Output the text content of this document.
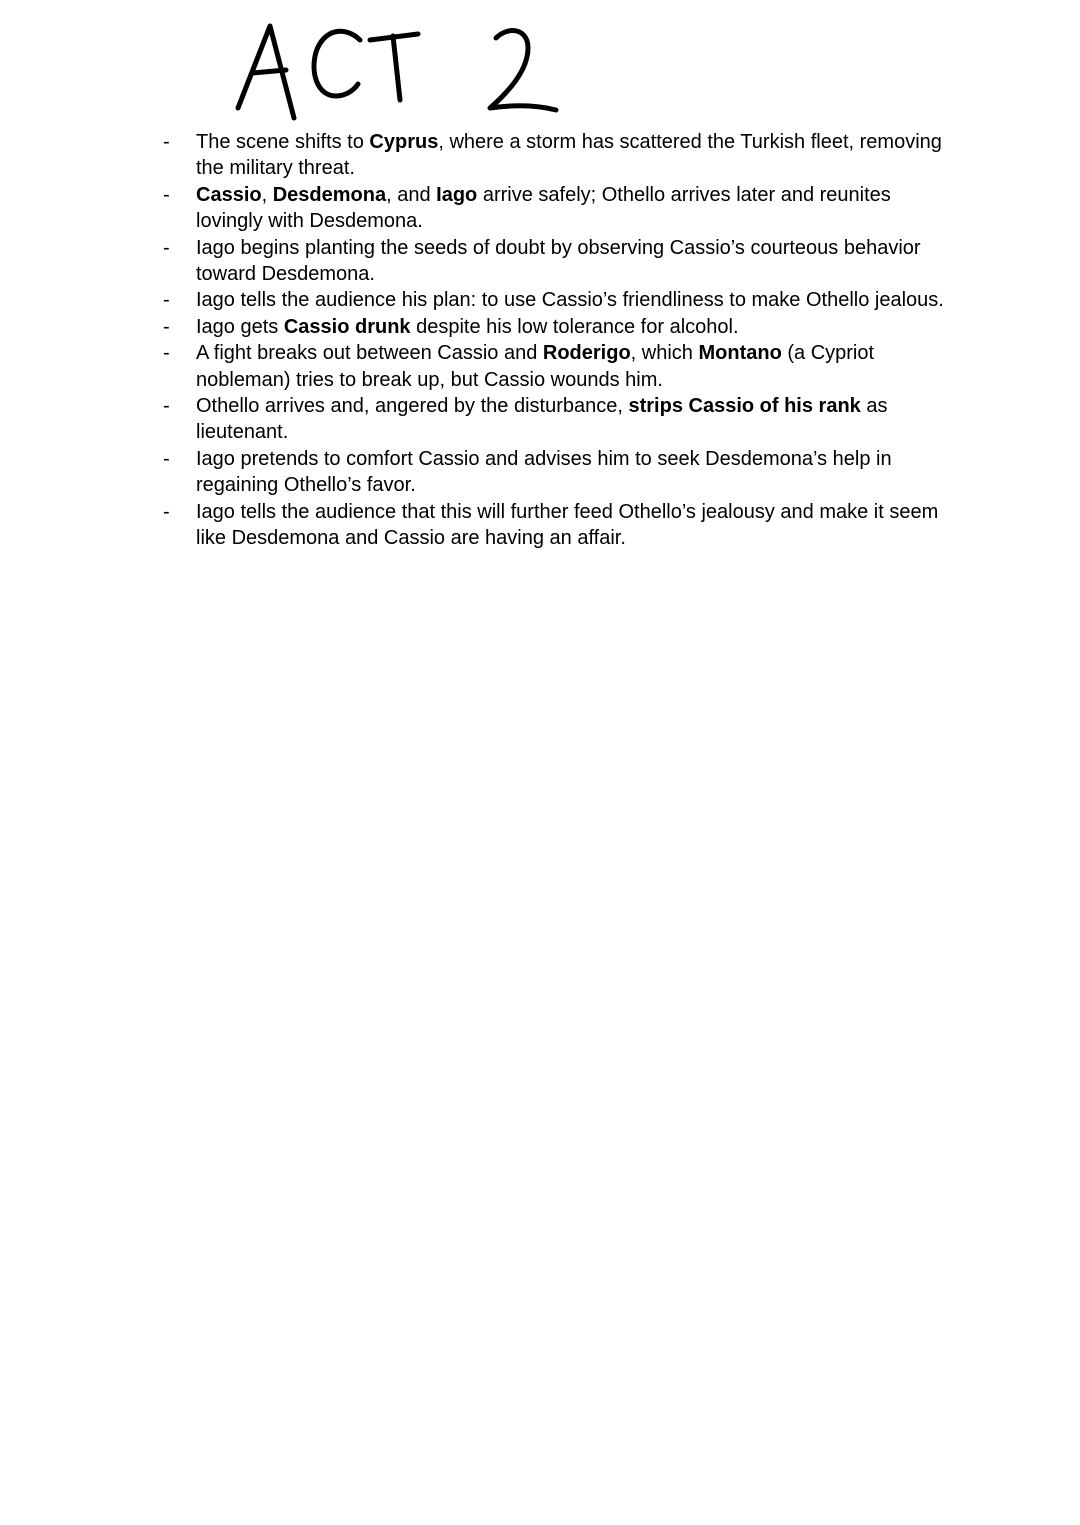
- The scene shifts to Cyprus, where a storm has scattered the Turkish fleet, removing
the military threat.
- Cassio, Desdemona, and Iago arrive safely; Othello arrives later and reunites
lovingly with Desdemona.
- Iago begins planting the seeds of doubt by observing Cassio’s courteous behavior
toward Desdemona.
- Iago tells the audience his plan: to use Cassio’s friendliness to make Othello jealous.
- Iago gets Cassio drunk despite his low tolerance for alcohol.
- A fight breaks out between Cassio and Roderigo, which Montano (a Cypriot
nobleman) tries to break up, but Cassio wounds him.
- Othello arrives and, angered by the disturbance, strips Cassio of his rank as
lieutenant.
- Iago pretends to comfort Cassio and advises him to seek Desdemona’s help in
regaining Othello’s favor.
- Iago tells the audience that this will further feed Othello’s jealousy and make it seem
like Desdemona and Cassio are having an affair.
